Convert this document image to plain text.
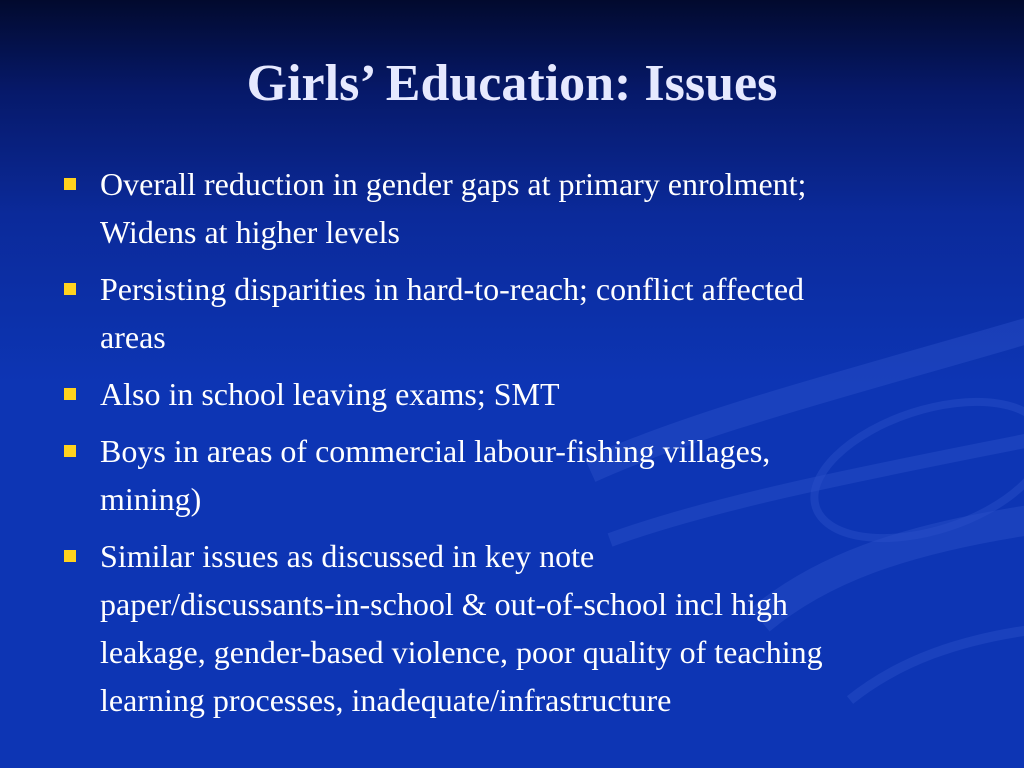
Girls’ Education: Issues
Overall reduction in gender gaps at primary enrolment;
Widens at higher levels
Persisting disparities in hard-to-reach; conflict affected
areas
Also in school leaving exams; SMT
Boys in areas of commercial labour-fishing villages,
mining)
Similar issues as discussed in key note
paper/discussants-in-school & out-of-school incl high
leakage, gender-based violence, poor quality of teaching
learning processes, inadequate/infrastructure
